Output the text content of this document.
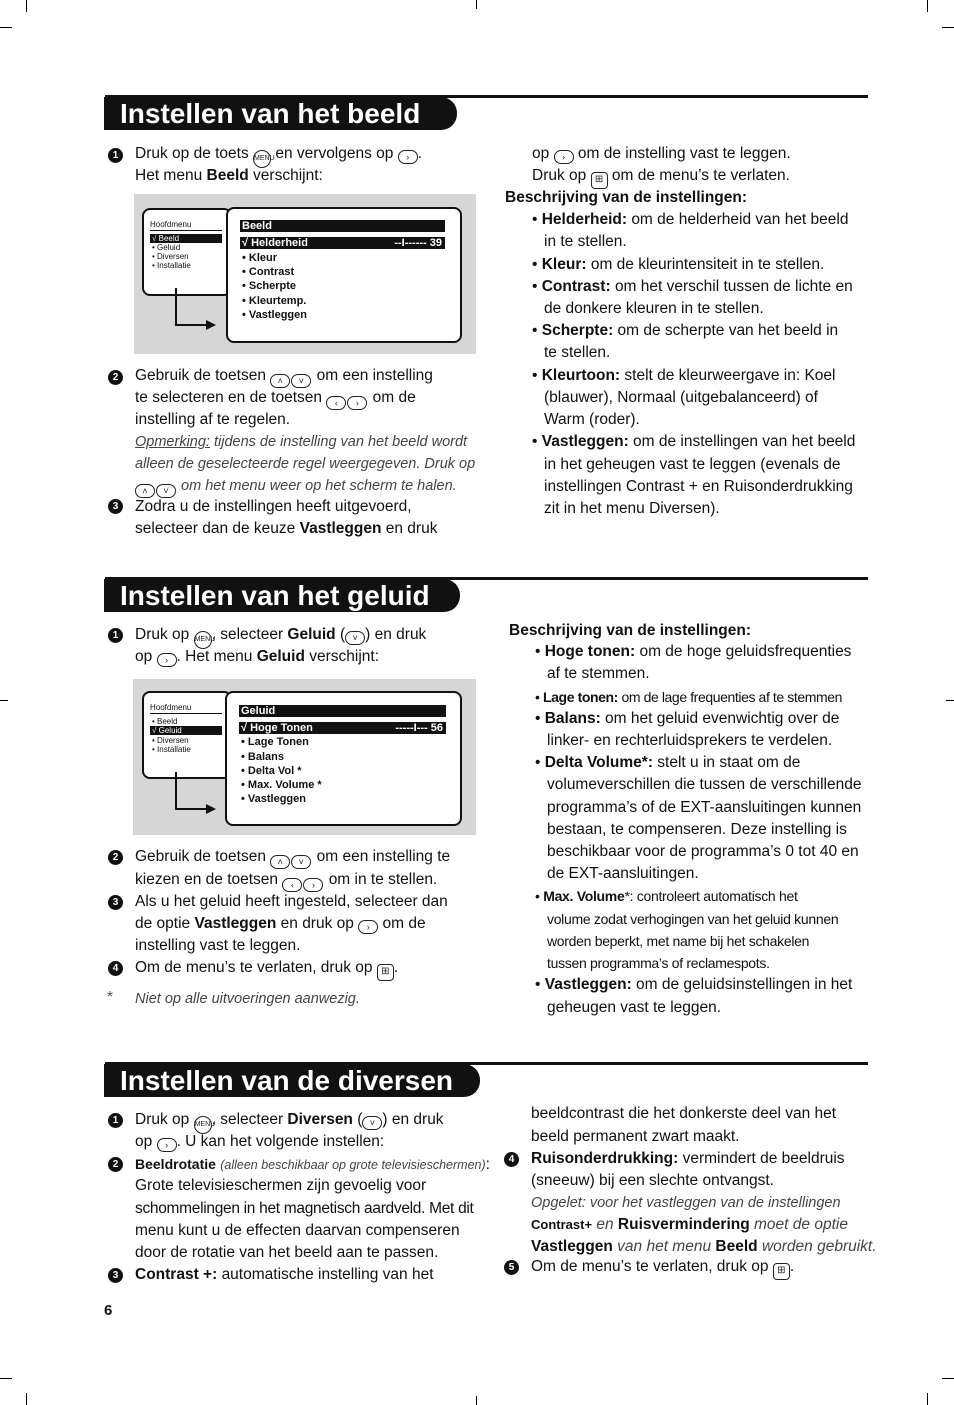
Instellen van het beeld
1	Druk op de toets MENU en vervolgens op › .
Het menu Beeld verschijnt:
Hoofdmenu
√ Beeld
• Geluid
• Diversen
• Installatie
Beeld
√ Helderheid	--I------ 39
• Kleur
• Contrast
• Scherpte
• Kleurtemp.
• Vastleggen
2	Gebruik de toetsen ˄ ˅ om een instelling
te selecteren en de toetsen ‹ › om de
instelling af te regelen.
Opmerking: tijdens de instelling van het beeld wordt
alleen de geselecteerde regel weergegeven. Druk op
˄ ˅ om het menu weer op het scherm te halen.
3	Zodra u de instellingen heeft uitgevoerd,
selecteer dan de keuze Vastleggen en druk
op › om de instelling vast te leggen.
Druk op ⊞ om de menu’s te verlaten.
Beschrijving van de instellingen:
• Helderheid: om de helderheid van het beeld
in te stellen.
• Kleur: om de kleurintensiteit in te stellen.
• Contrast: om het verschil tussen de lichte en
de donkere kleuren in te stellen.
• Scherpte: om de scherpte van het beeld in
te stellen.
• Kleurtoon: stelt de kleurweergave in: Koel
(blauwer), Normaal (uitgebalanceerd) of
Warm (roder).
• Vastleggen: om de instellingen van het beeld
in het geheugen vast te leggen (evenals de
instellingen Contrast + en Ruisonderdrukking
zit in het menu Diversen).
Instellen van het geluid
1	Druk op MENU, selecteer Geluid ( ˅ ) en druk
op › . Het menu Geluid verschijnt:
Hoofdmenu
• Beeld
√ Geluid
• Diversen
• Installatie
Geluid
√ Hoge Tonen	-----I--- 56
• Lage Tonen
• Balans
• Delta Vol *
• Max. Volume *
• Vastleggen
2	Gebruik de toetsen ˄ ˅ om een instelling te
kiezen en de toetsen ‹ › om in te stellen.
3	Als u het geluid heeft ingesteld, selecteer dan
de optie Vastleggen en druk op › om de
instelling vast te leggen.
4	Om de menu’s te verlaten, druk op ⊞ .
* Niet op alle uitvoeringen aanwezig.
Beschrijving van de instellingen:
• Hoge tonen: om de hoge geluidsfrequenties
af te stemmen.
• Lage tonen: om de lage frequenties af te stemmen
• Balans: om het geluid evenwichtig over de
linker- en rechterluidsprekers te verdelen.
• Delta Volume*: stelt u in staat om de
volumeverschillen die tussen de verschillende
programma’s of de EXT-aansluitingen kunnen
bestaan, te compenseren. Deze instelling is
beschikbaar voor de programma’s 0 tot 40 en
de EXT-aansluitingen.
• Max. Volume*: controleert automatisch het
volume zodat verhogingen van het geluid kunnen
worden beperkt, met name bij het schakelen
tussen programma’s of reclamespots.
• Vastleggen: om de geluidsinstellingen in het
geheugen vast te leggen.
Instellen van de diversen
1	Druk op MENU, selecteer Diversen ( ˅ ) en druk
op › . U kan het volgende instellen:
2	Beeldrotatie (alleen beschikbaar op grote televisieschermen):
Grote televisieschermen zijn gevoelig voor
schommelingen in het magnetisch aardveld. Met dit
menu kunt u de effecten daarvan compenseren
door de rotatie van het beeld aan te passen.
3	Contrast +: automatische instelling van het
beeldcontrast die het donkerste deel van het
beeld permanent zwart maakt.
4	Ruisonderdrukking: vermindert de beeldruis
(sneeuw) bij een slechte ontvangst.
Opgelet: voor het vastleggen van de instellingen
Contrast+ en Ruisvermindering moet de optie
Vastleggen van het menu Beeld worden gebruikt.
5	Om de menu’s te verlaten, druk op ⊞ .
6
